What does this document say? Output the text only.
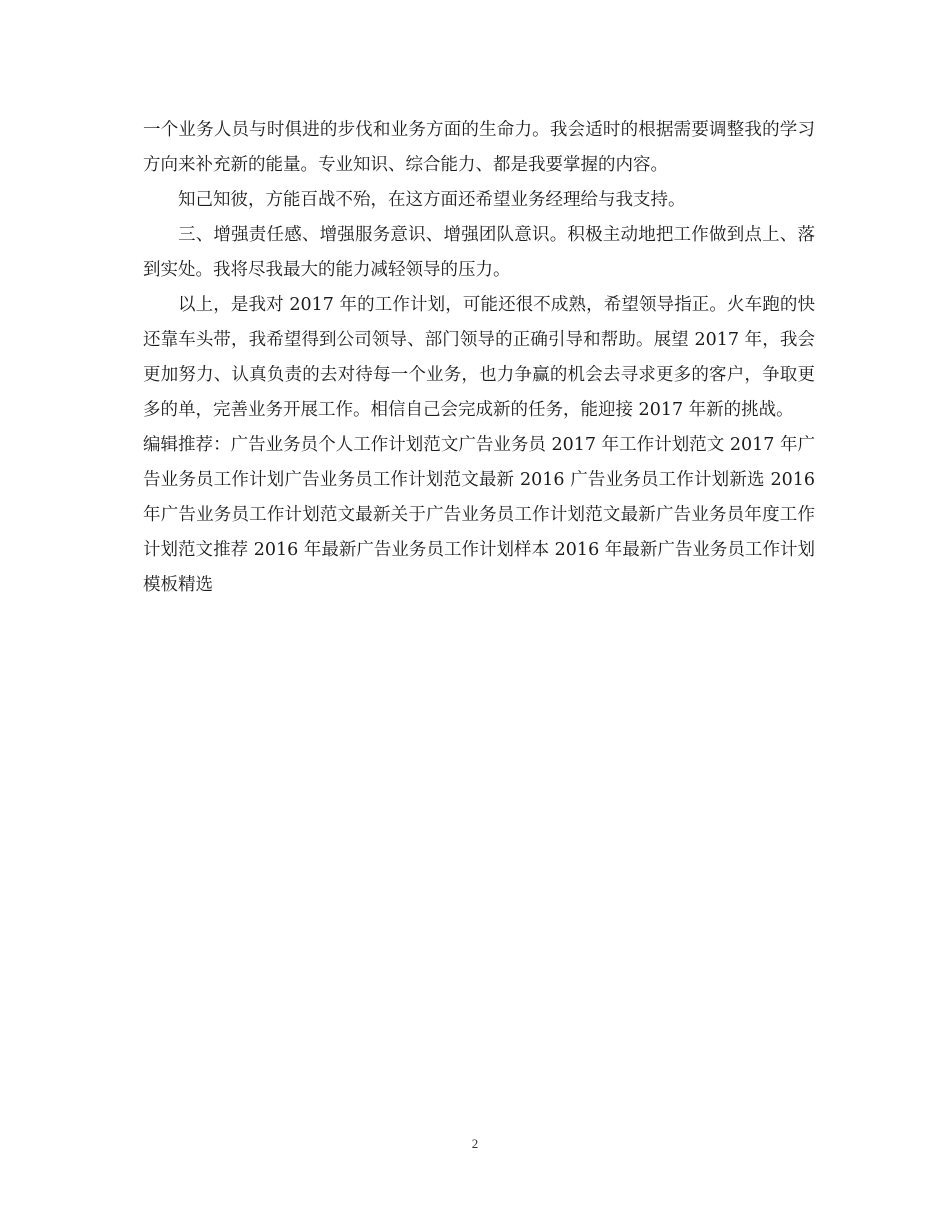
一个业务人员与时俱进的步伐和业务方面的生命力。我会适时的根据需要调整我的学习方向来补充新的能量。专业知识、综合能力、都是我要掌握的内容。

知己知彼，方能百战不殆，在这方面还希望业务经理给与我支持。

三、增强责任感、增强服务意识、增强团队意识。积极主动地把工作做到点上、落到实处。我将尽我最大的能力减轻领导的压力。

以上，是我对 2017 年的工作计划，可能还很不成熟，希望领导指正。火车跑的快还靠车头带，我希望得到公司领导、部门领导的正确引导和帮助。展望 2017 年，我会更加努力、认真负责的去对待每一个业务，也力争赢的机会去寻求更多的客户，争取更多的单，完善业务开展工作。相信自己会完成新的任务，能迎接 2017 年新的挑战。

编辑推荐：广告业务员个人工作计划范文广告业务员 2017 年工作计划范文 2017 年广告业务员工作计划广告业务员工作计划范文最新 2016 广告业务员工作计划新选 2016 年广告业务员工作计划范文最新关于广告业务员工作计划范文最新广告业务员年度工作计划范文推荐 2016 年最新广告业务员工作计划样本 2016 年最新广告业务员工作计划模板精选

2
